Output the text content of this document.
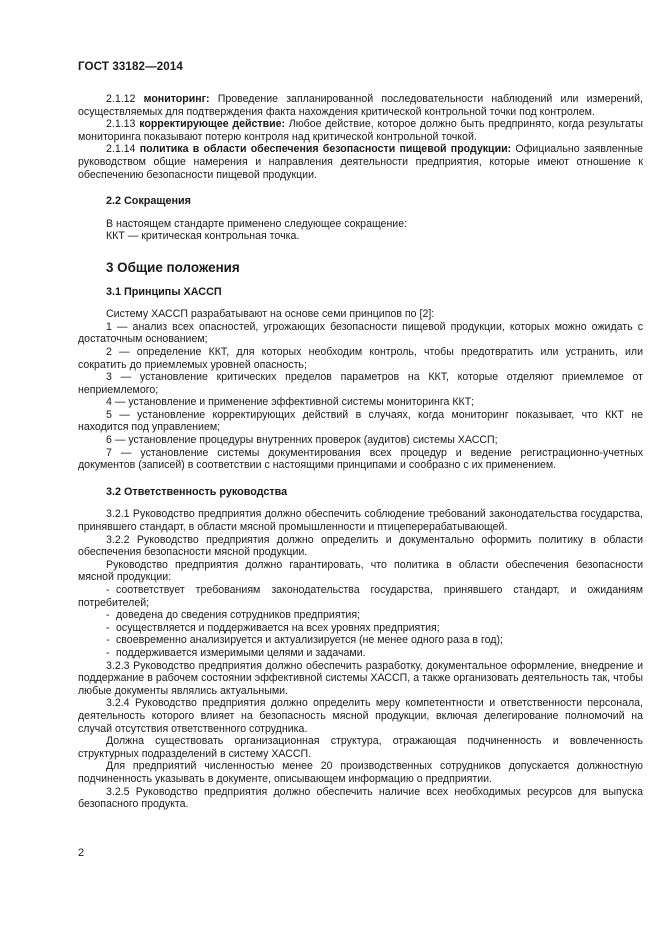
ГОСТ 33182—2014
2.1.12 мониторинг: Проведение запланированной последовательности наблюдений или измерений, осуществляемых для подтверждения факта нахождения критической контрольной точки под контролем.
2.1.13 корректирующее действие: Любое действие, которое должно быть предпринято, когда результаты мониторинга показывают потерю контроля над критической контрольной точкой.
2.1.14 политика в области обеспечения безопасности пищевой продукции: Официально заявленные руководством общие намерения и направления деятельности предприятия, которые имеют отношение к обеспечению безопасности пищевой продукции.
2.2 Сокращения
В настоящем стандарте применено следующее сокращение:
ККТ — критическая контрольная точка.
3 Общие положения
3.1 Принципы ХАССП
Систему ХАССП разрабатывают на основе семи принципов по [2]:
1 — анализ всех опасностей, угрожающих безопасности пищевой продукции, которых можно ожидать с достаточным основанием;
2 — определение ККТ, для которых необходим контроль, чтобы предотвратить или устранить, или сократить до приемлемых уровней опасность;
3 — установление критических пределов параметров на ККТ, которые отделяют приемлемое от неприемлемого;
4 — установление и применение эффективной системы мониторинга ККТ;
5 — установление корректирующих действий в случаях, когда мониторинг показывает, что ККТ не находится под управлением;
6 — установление процедуры внутренних проверок (аудитов) системы ХАССП;
7 — установление системы документирования всех процедур и ведение регистрационно-учетных документов (записей) в соответствии с настоящими принципами и сообразно с их применением.
3.2 Ответственность руководства
3.2.1 Руководство предприятия должно обеспечить соблюдение требований законодательства государства, принявшего стандарт, в области мясной промышленности и птицеперерабатывающей.
3.2.2 Руководство предприятия должно определить и документально оформить политику в области обеспечения безопасности мясной продукции.
Руководство предприятия должно гарантировать, что политика в области обеспечения безопасности мясной продукции:
- соответствует требованиям законодательства государства, принявшего стандарт, и ожиданиям потребителей;
- доведена до сведения сотрудников предприятия;
- осуществляется и поддерживается на всех уровнях предприятия;
- своевременно анализируется и актуализируется (не менее одного раза в год);
- поддерживается измеримыми целями и задачами.
3.2.3 Руководство предприятия должно обеспечить разработку, документальное оформление, внедрение и поддержание в рабочем состоянии эффективной системы ХАССП, а также организовать деятельность так, чтобы любые документы являлись актуальными.
3.2.4 Руководство предприятия должно определить меру компетентности и ответственности персонала, деятельность которого влияет на безопасность мясной продукции, включая делегирование полномочий на случай отсутствия ответственного сотрудника.
Должна существовать организационная структура, отражающая подчиненность и вовлеченность структурных подразделений в систему ХАССП.
Для предприятий численностью менее 20 производственных сотрудников допускается должностную подчиненность указывать в документе, описывающем информацию о предприятии.
3.2.5 Руководство предприятия должно обеспечить наличие всех необходимых ресурсов для выпуска безопасного продукта.
2
